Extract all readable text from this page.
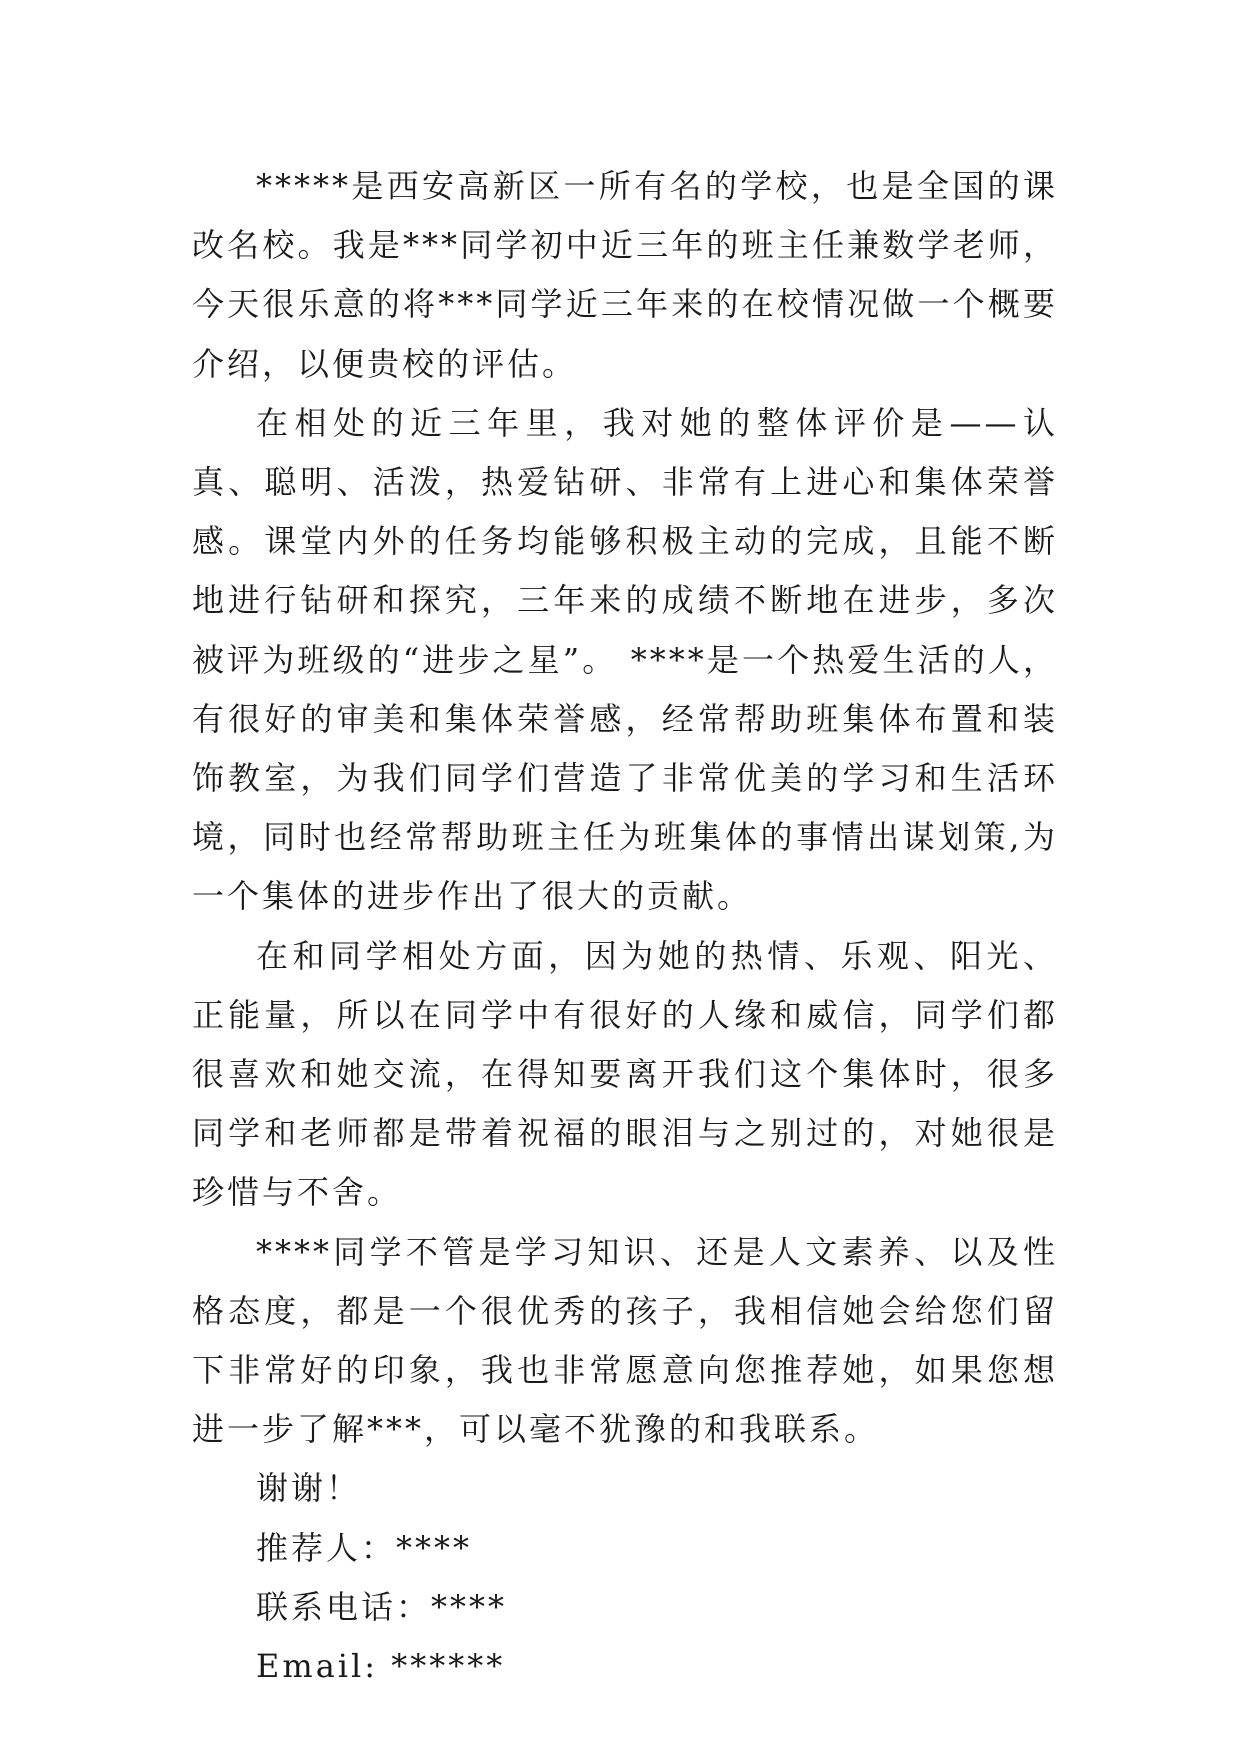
*****是西安高新区一所有名的学校，也是全国的课改名校。我是***同学初中近三年的班主任兼数学老师，今天很乐意的将***同学近三年来的在校情况做一个概要介绍，以便贵校的评估。

在相处的近三年里，我对她的整体评价是——认真、聪明、活泼，热爱钻研、非常有上进心和集体荣誉感。课堂内外的任务均能够积极主动的完成，且能不断地进行钻研和探究，三年来的成绩不断地在进步，多次被评为班级的“进步之星”。 ****是一个热爱生活的人，有很好的审美和集体荣誉感，经常帮助班集体布置和装饰教室，为我们同学们营造了非常优美的学习和生活环境，同时也经常帮助班主任为班集体的事情出谋划策,为一个集体的进步作出了很大的贡献。

在和同学相处方面，因为她的热情、乐观、阳光、正能量，所以在同学中有很好的人缘和威信，同学们都很喜欢和她交流，在得知要离开我们这个集体时，很多同学和老师都是带着祝福的眼泪与之别过的，对她很是珍惜与不舍。

****同学不管是学习知识、还是人文素养、以及性格态度，都是一个很优秀的孩子，我相信她会给您们留下非常好的印象，我也非常愿意向您推荐她，如果您想进一步了解***，可以毫不犹豫的和我联系。

谢谢！

推荐人：****

联系电话：****

Email: ******
